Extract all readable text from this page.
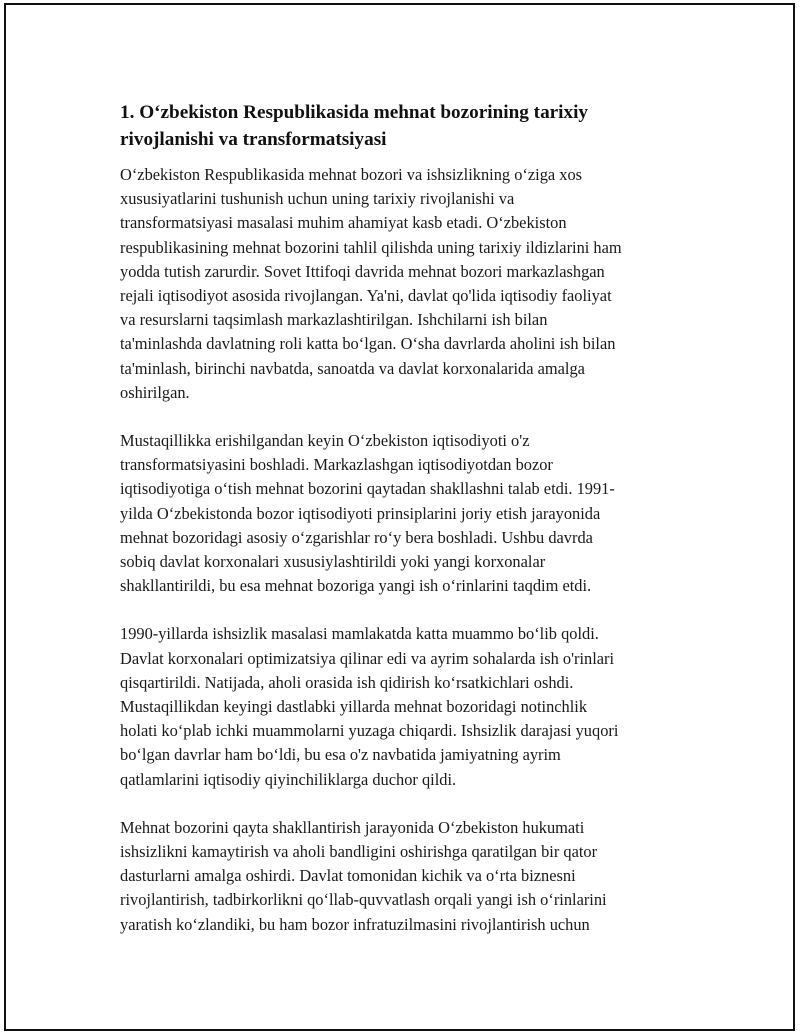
1. O‘zbekiston Respublikasida mehnat bozorining tarixiy
rivojlanishi va transformatsiyasi

O‘zbekiston Respublikasida mehnat bozori va ishsizlikning o‘ziga xos
xususiyatlarini tushunish uchun uning tarixiy rivojlanishi va
transformatsiyasi masalasi muhim ahamiyat kasb etadi. O‘zbekiston
respublikasining mehnat bozorini tahlil qilishda uning tarixiy ildizlarini ham
yodda tutish zarurdir. Sovet Ittifoqi davrida mehnat bozori markazlashgan
rejali iqtisodiyot asosida rivojlangan. Ya'ni, davlat qo'lida iqtisodiy faoliyat
va resurslarni taqsimlash markazlashtirilgan. Ishchilarni ish bilan
ta'minlashda davlatning roli katta bo‘lgan. O‘sha davrlarda aholini ish bilan
ta'minlash, birinchi navbatda, sanoatda va davlat korxonalarida amalga
oshirilgan.

Mustaqillikka erishilgandan keyin O‘zbekiston iqtisodiyoti o'z
transformatsiyasini boshladi. Markazlashgan iqtisodiyotdan bozor
iqtisodiyotiga o‘tish mehnat bozorini qaytadan shakllashni talab etdi. 1991-
yilda O‘zbekistonda bozor iqtisodiyoti prinsiplarini joriy etish jarayonida
mehnat bozoridagi asosiy o‘zgarishlar ro‘y bera boshladi. Ushbu davrda
sobiq davlat korxonalari xususiylashtirildi yoki yangi korxonalar
shakllantirildi, bu esa mehnat bozoriga yangi ish o‘rinlarini taqdim etdi.

1990-yillarda ishsizlik masalasi mamlakatda katta muammo bo‘lib qoldi.
Davlat korxonalari optimizatsiya qilinar edi va ayrim sohalarda ish o'rinlari
qisqartirildi. Natijada, aholi orasida ish qidirish ko‘rsatkichlari oshdi.
Mustaqillikdan keyingi dastlabki yillarda mehnat bozoridagi notinchlik
holati ko‘plab ichki muammolarni yuzaga chiqardi. Ishsizlik darajasi yuqori
bo‘lgan davrlar ham bo‘ldi, bu esa o'z navbatida jamiyatning ayrim
qatlamlarini iqtisodiy qiyinchiliklarga duchor qildi.

Mehnat bozorini qayta shakllantirish jarayonida O‘zbekiston hukumati
ishsizlikni kamaytirish va aholi bandligini oshirishga qaratilgan bir qator
dasturlarni amalga oshirdi. Davlat tomonidan kichik va o‘rta biznesni
rivojlantirish, tadbirkorlikni qo‘llab-quvvatlash orqali yangi ish o‘rinlarini
yaratish ko‘zlandiki, bu ham bozor infratuzilmasini rivojlantirish uchun
